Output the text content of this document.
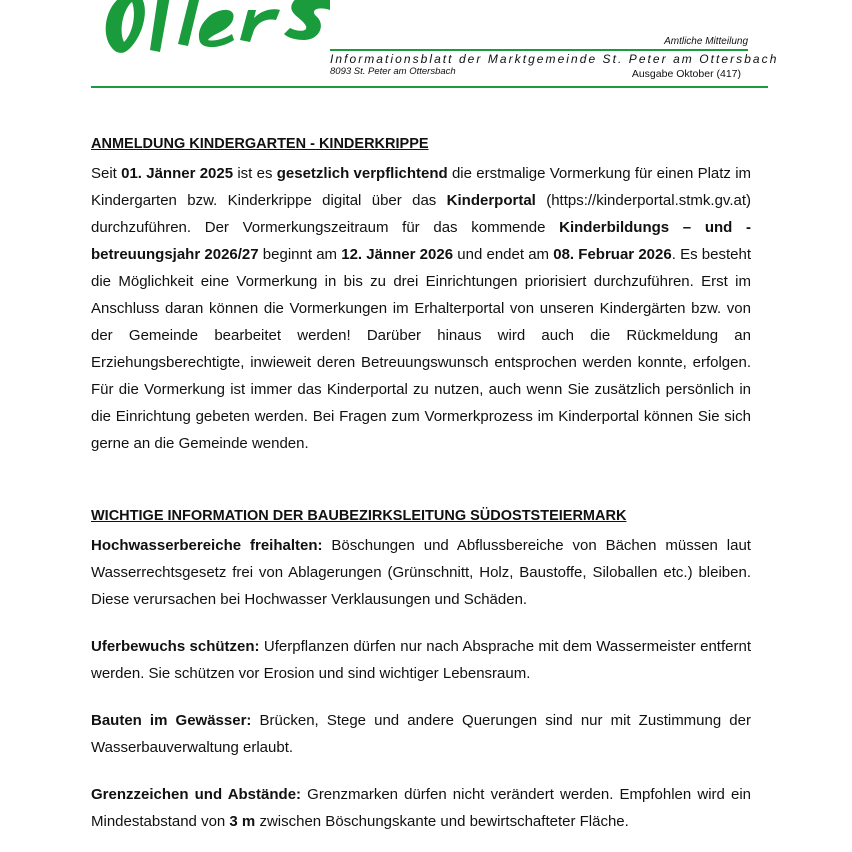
Amtliche Mitteilung
Informationsblatt der Marktgemeinde St. Peter am Ottersbach
8093 St. Peter am Ottersbach	Ausgabe Oktober (417)
ANMELDUNG KINDERGARTEN - KINDERKRIPPE

Seit 01. Jänner 2025 ist es gesetzlich verpflichtend die erstmalige Vormerkung für einen Platz im Kindergarten bzw. Kinderkrippe digital über das Kinderportal (https://kinderportal.stmk.gv.at) durchzuführen. Der Vormerkungszeitraum für das kommende Kinderbildungs – und -betreuungsjahr 2026/27 beginnt am 12. Jänner 2026 und endet am 08. Februar 2026. Es besteht die Möglichkeit eine Vormerkung in bis zu drei Einrichtungen priorisiert durchzuführen. Erst im Anschluss daran können die Vormerkungen im Erhalterportal von unseren Kindergärten bzw. von der Gemeinde bearbeitet werden! Darüber hinaus wird auch die Rückmeldung an Erziehungsberechtigte, inwieweit deren Betreuungswunsch entsprochen werden konnte, erfolgen. Für die Vormerkung ist immer das Kinderportal zu nutzen, auch wenn Sie zusätzlich persönlich in die Einrichtung gebeten werden. Bei Fragen zum Vormerkprozess im Kinderportal können Sie sich gerne an die Gemeinde wenden.

WICHTIGE INFORMATION DER BAUBEZIRKSLEITUNG SÜDOSTSTEIERMARK

Hochwasserbereiche freihalten: Böschungen und Abflussbereiche von Bächen müssen laut Wasserrechtsgesetz frei von Ablagerungen (Grünschnitt, Holz, Baustoffe, Siloballen etc.) bleiben. Diese verursachen bei Hochwasser Verklausungen und Schäden.

Uferbewuchs schützen: Uferpflanzen dürfen nur nach Absprache mit dem Wassermeister entfernt werden. Sie schützen vor Erosion und sind wichtiger Lebensraum.

Bauten im Gewässer: Brücken, Stege und andere Querungen sind nur mit Zustimmung der Wasserbauverwaltung erlaubt.

Grenzzeichen und Abstände: Grenzmarken dürfen nicht verändert werden. Empfohlen wird ein Mindestabstand von 3 m zwischen Böschungskante und bewirtschafteter Fläche.
